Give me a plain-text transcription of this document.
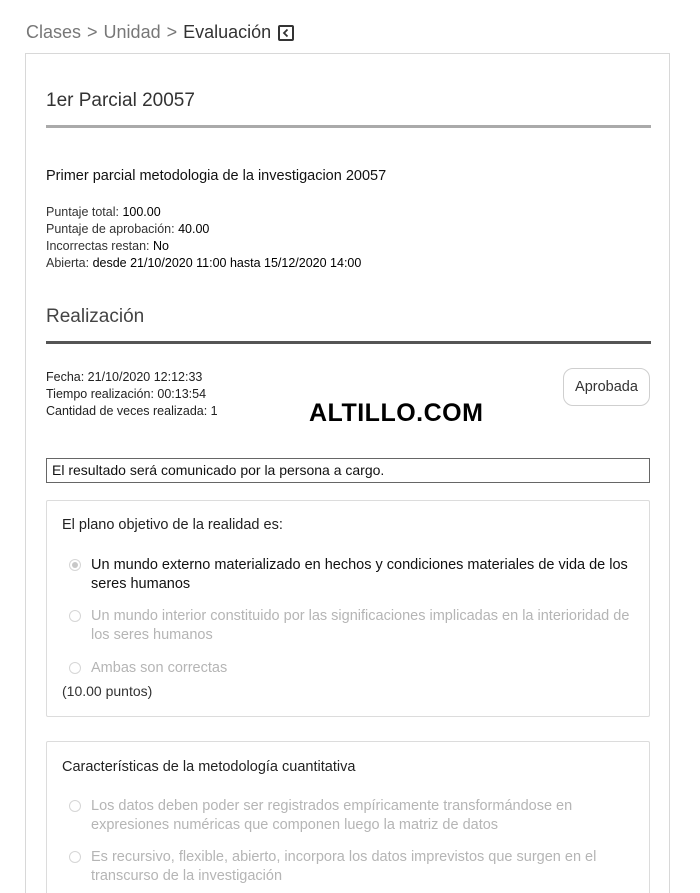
Clases > Unidad > Evaluación
1er Parcial 20057

Primer parcial metodologia de la investigacion 20057

Puntaje total: 100.00
Puntaje de aprobación: 40.00
Incorrectas restan: No
Abierta: desde 21/10/2020 11:00 hasta 15/12/2020 14:00
Realización
Fecha: 21/10/2020 12:12:33
Tiempo realización: 00:13:54
Cantidad de veces realizada: 1
Aprobada
ALTILLO.COM
El resultado será comunicado por la persona a cargo.
El plano objetivo de la realidad es:
Un mundo externo materializado en hechos y condiciones materiales de vida de los seres humanos
Un mundo interior constituido por las significaciones implicadas en la interioridad de los seres humanos
Ambas son correctas
(10.00 puntos)
Características de la metodología cuantitativa
Los datos deben poder ser registrados empíricamente transformándose en expresiones numéricas que componen luego la matriz de datos
Es recursivo, flexible, abierto, incorpora los datos imprevistos que surgen en el transcurso de la investigación
